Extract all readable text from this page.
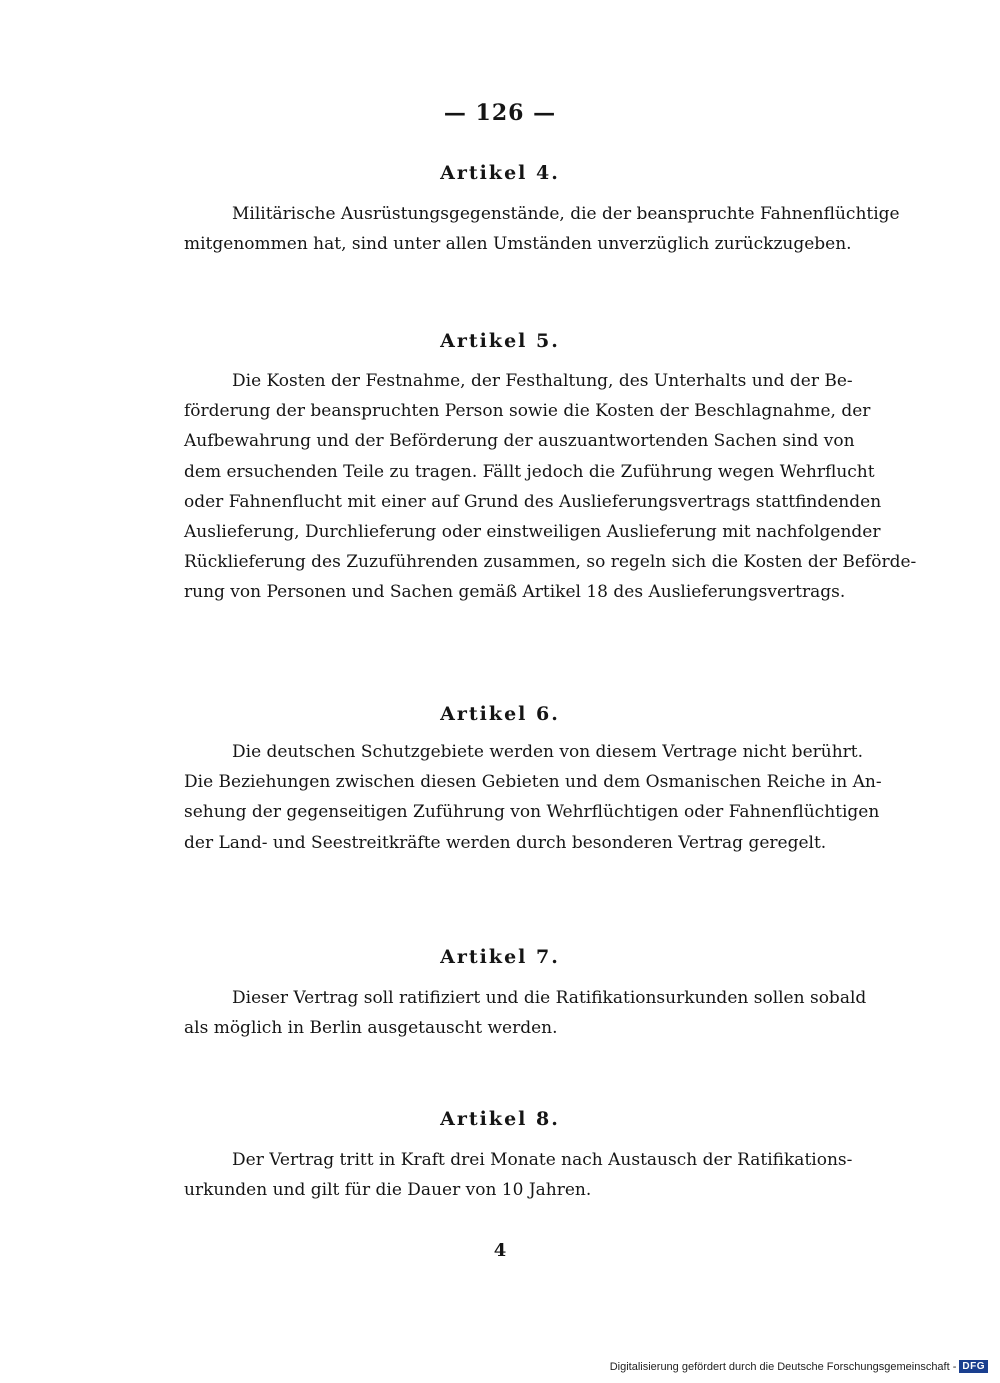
— 126 —
Artikel 4.
Militärische Ausrüstungsgegenstände, die der beanspruchte Fahnenflüchtige
mitgenommen hat, sind unter allen Umständen unverzüglich zurückzugeben.
Artikel 5.
Die Kosten der Festnahme, der Festhaltung, des Unterhalts und der Be-
förderung der beanspruchten Person sowie die Kosten der Beschlagnahme, der
Aufbewahrung und der Beförderung der auszuantwortenden Sachen sind von
dem ersuchenden Teile zu tragen. Fällt jedoch die Zuführung wegen Wehrflucht
oder Fahnenflucht mit einer auf Grund des Auslieferungsvertrags stattfindenden
Auslieferung, Durchlieferung oder einstweiligen Auslieferung mit nachfolgender
Rücklieferung des Zuzuführenden zusammen, so regeln sich die Kosten der Beförde-
rung von Personen und Sachen gemäß Artikel 18 des Auslieferungsvertrags.
Artikel 6.
Die deutschen Schutzgebiete werden von diesem Vertrage nicht berührt.
Die Beziehungen zwischen diesen Gebieten und dem Osmanischen Reiche in An-
sehung der gegenseitigen Zuführung von Wehrflüchtigen oder Fahnenflüchtigen
der Land- und Seestreitkräfte werden durch besonderen Vertrag geregelt.
Artikel 7.
Dieser Vertrag soll ratifiziert und die Ratifikationsurkunden sollen sobald
als möglich in Berlin ausgetauscht werden.
Artikel 8.
Der Vertrag tritt in Kraft drei Monate nach Austausch der Ratifikations-
urkunden und gilt für die Dauer von 10 Jahren.
4
Digitalisierung gefördert durch die Deutsche Forschungsgemeinschaft - DFG
